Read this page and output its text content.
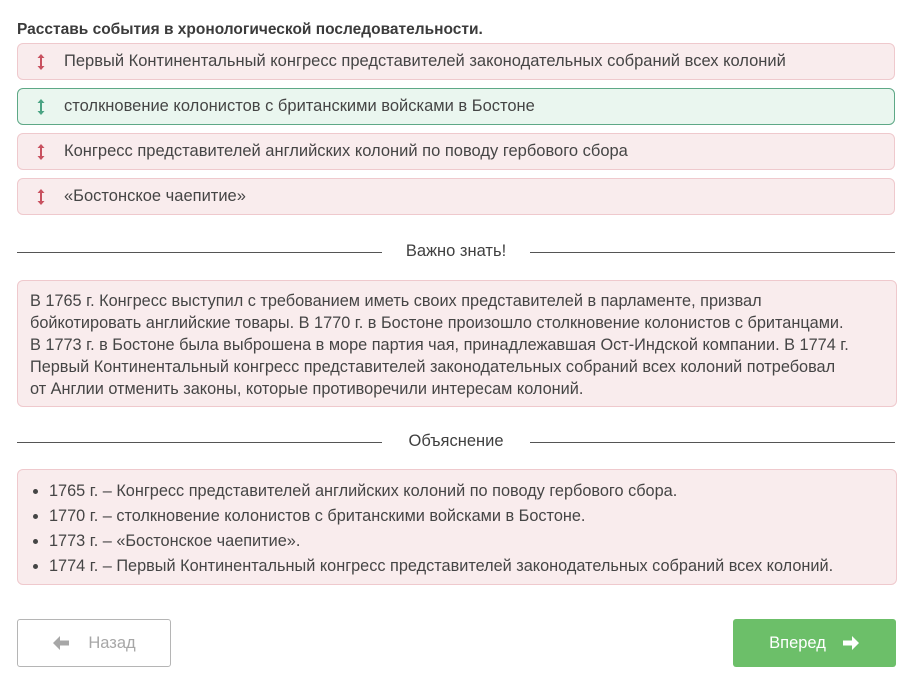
Расставь события в хронологической последовательности.
Первый Континентальный конгресс представителей законодательных собраний всех колоний
столкновение колонистов с британскими войсками в Бостоне
Конгресс представителей английских колоний по поводу гербового сбора
«Бостонское чаепитие»
Важно знать!
В 1765 г. Конгресс выступил с требованием иметь своих представителей в парламенте, призвал
бойкотировать английские товары. В 1770 г. в Бостоне произошло столкновение колонистов с британцами.
В 1773 г. в Бостоне была выброшена в море партия чая, принадлежавшая Ост-Индской компании. В 1774 г.
Первый Континентальный конгресс представителей законодательных собраний всех колоний потребовал
от Англии отменить законы, которые противоречили интересам колоний.
Объяснение
• 1765 г. – Конгресс представителей английских колоний по поводу гербового сбора.
• 1770 г. – столкновение колонистов с британскими войсками в Бостоне.
• 1773 г. – «Бостонское чаепитие».
• 1774 г. – Первый Континентальный конгресс представителей законодательных собраний всех колоний.
Назад	Вперед
